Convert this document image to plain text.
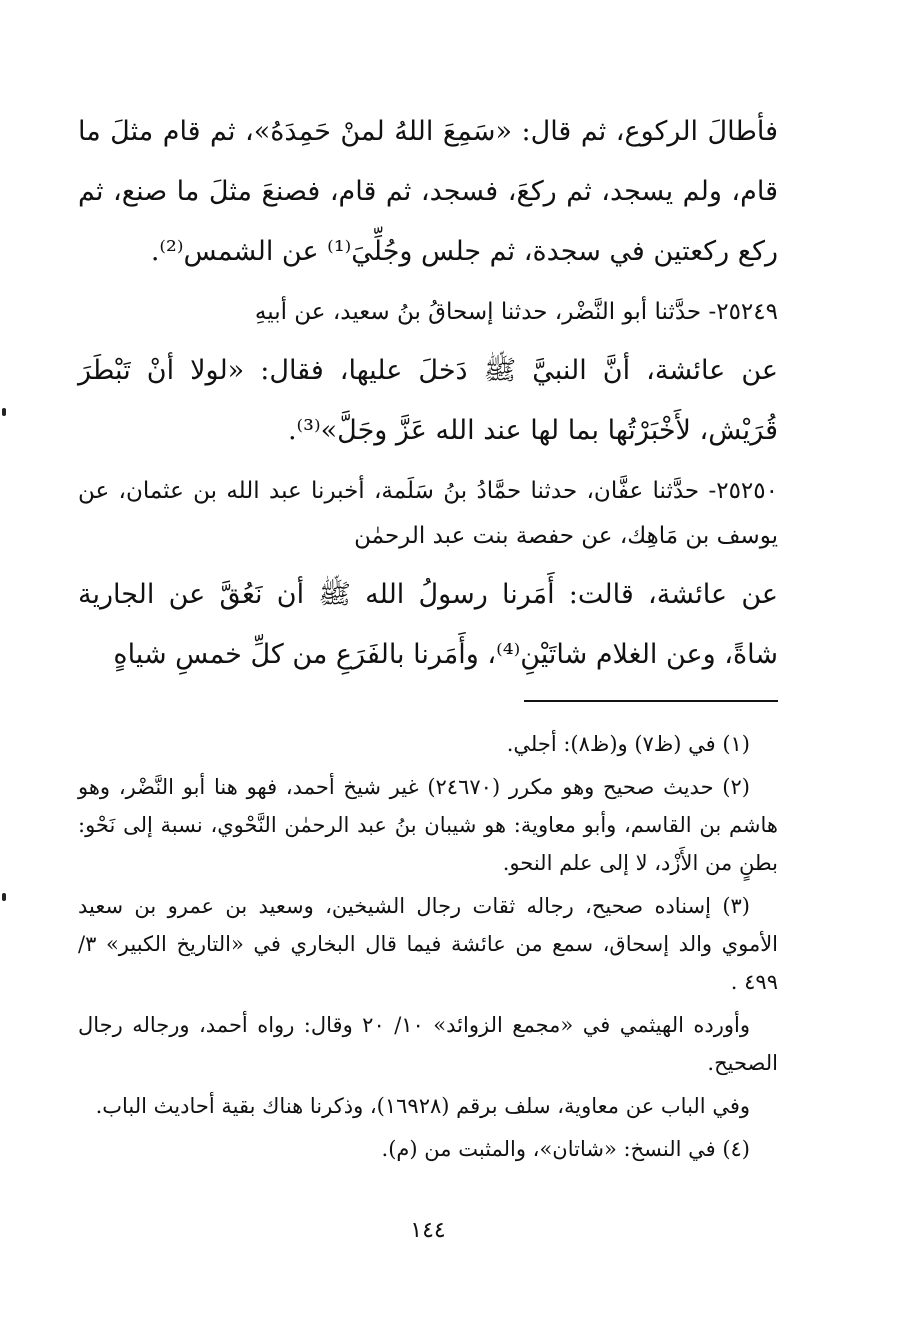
فأطالَ الركوع، ثم قال: «سَمِعَ اللهُ لمنْ حَمِدَهُ»، ثم قام مثلَ ما قام، ولم يسجد، ثم ركعَ، فسجد، ثم قام، فصنعَ مثلَ ما صنع، ثم ركع ركعتين في سجدة، ثم جلس وجُلِّيَ⁽¹⁾ عن الشمس⁽²⁾.

٢٥٢٤٩- حدَّثنا أبو النَّضْر، حدثنا إسحاقُ بنُ سعيد، عن أبيهِ

عن عائشة، أنَّ النبيَّ ﷺ دَخلَ عليها، فقال: «لولا أنْ تَبْطَرَ قُرَيْش، لأَخْبَرْتُها بما لها عند الله عَزَّ وجَلَّ»⁽³⁾.

٢٥٢٥٠- حدَّثنا عفَّان، حدثنا حمَّادُ بنُ سَلَمة، أخبرنا عبد الله بن عثمان، عن يوسف بن مَاهِك، عن حفصة بنت عبد الرحمٰن

عن عائشة، قالت: أَمَرنا رسولُ الله ﷺ أن نَعُقَّ عن الجارية شاةً، وعن الغلام شاتَيْنِ⁽⁴⁾، وأَمَرنا بالفَرَعِ من كلِّ خمسِ شياهٍ

(١) في (ظ٧) و(ظ٨): أجلي.

(٢) حديث صحيح وهو مكرر (٢٤٦٧٠) غير شيخ أحمد، فهو هنا أبو النَّضْر، وهو هاشم بن القاسم، وأبو معاوية: هو شيبان بنُ عبد الرحمٰن النَّحْوي، نسبة إلى نَحْو: بطنٍ من الأَزْد، لا إلى علم النحو.

(٣) إسناده صحيح، رجاله ثقات رجال الشيخين، وسعيد بن عمرو بن سعيد الأموي والد إسحاق، سمع من عائشة فيما قال البخاري في «التاريخ الكبير» ٣/ ٤٩٩ .

وأورده الهيثمي في «مجمع الزوائد» ١٠/ ٢٠ وقال: رواه أحمد، ورجاله رجال الصحيح.

وفي الباب عن معاوية، سلف برقم (١٦٩٢٨)، وذكرنا هناك بقية أحاديث الباب.

(٤) في النسخ: «شاتان»، والمثبت من (م).

١٤٤
